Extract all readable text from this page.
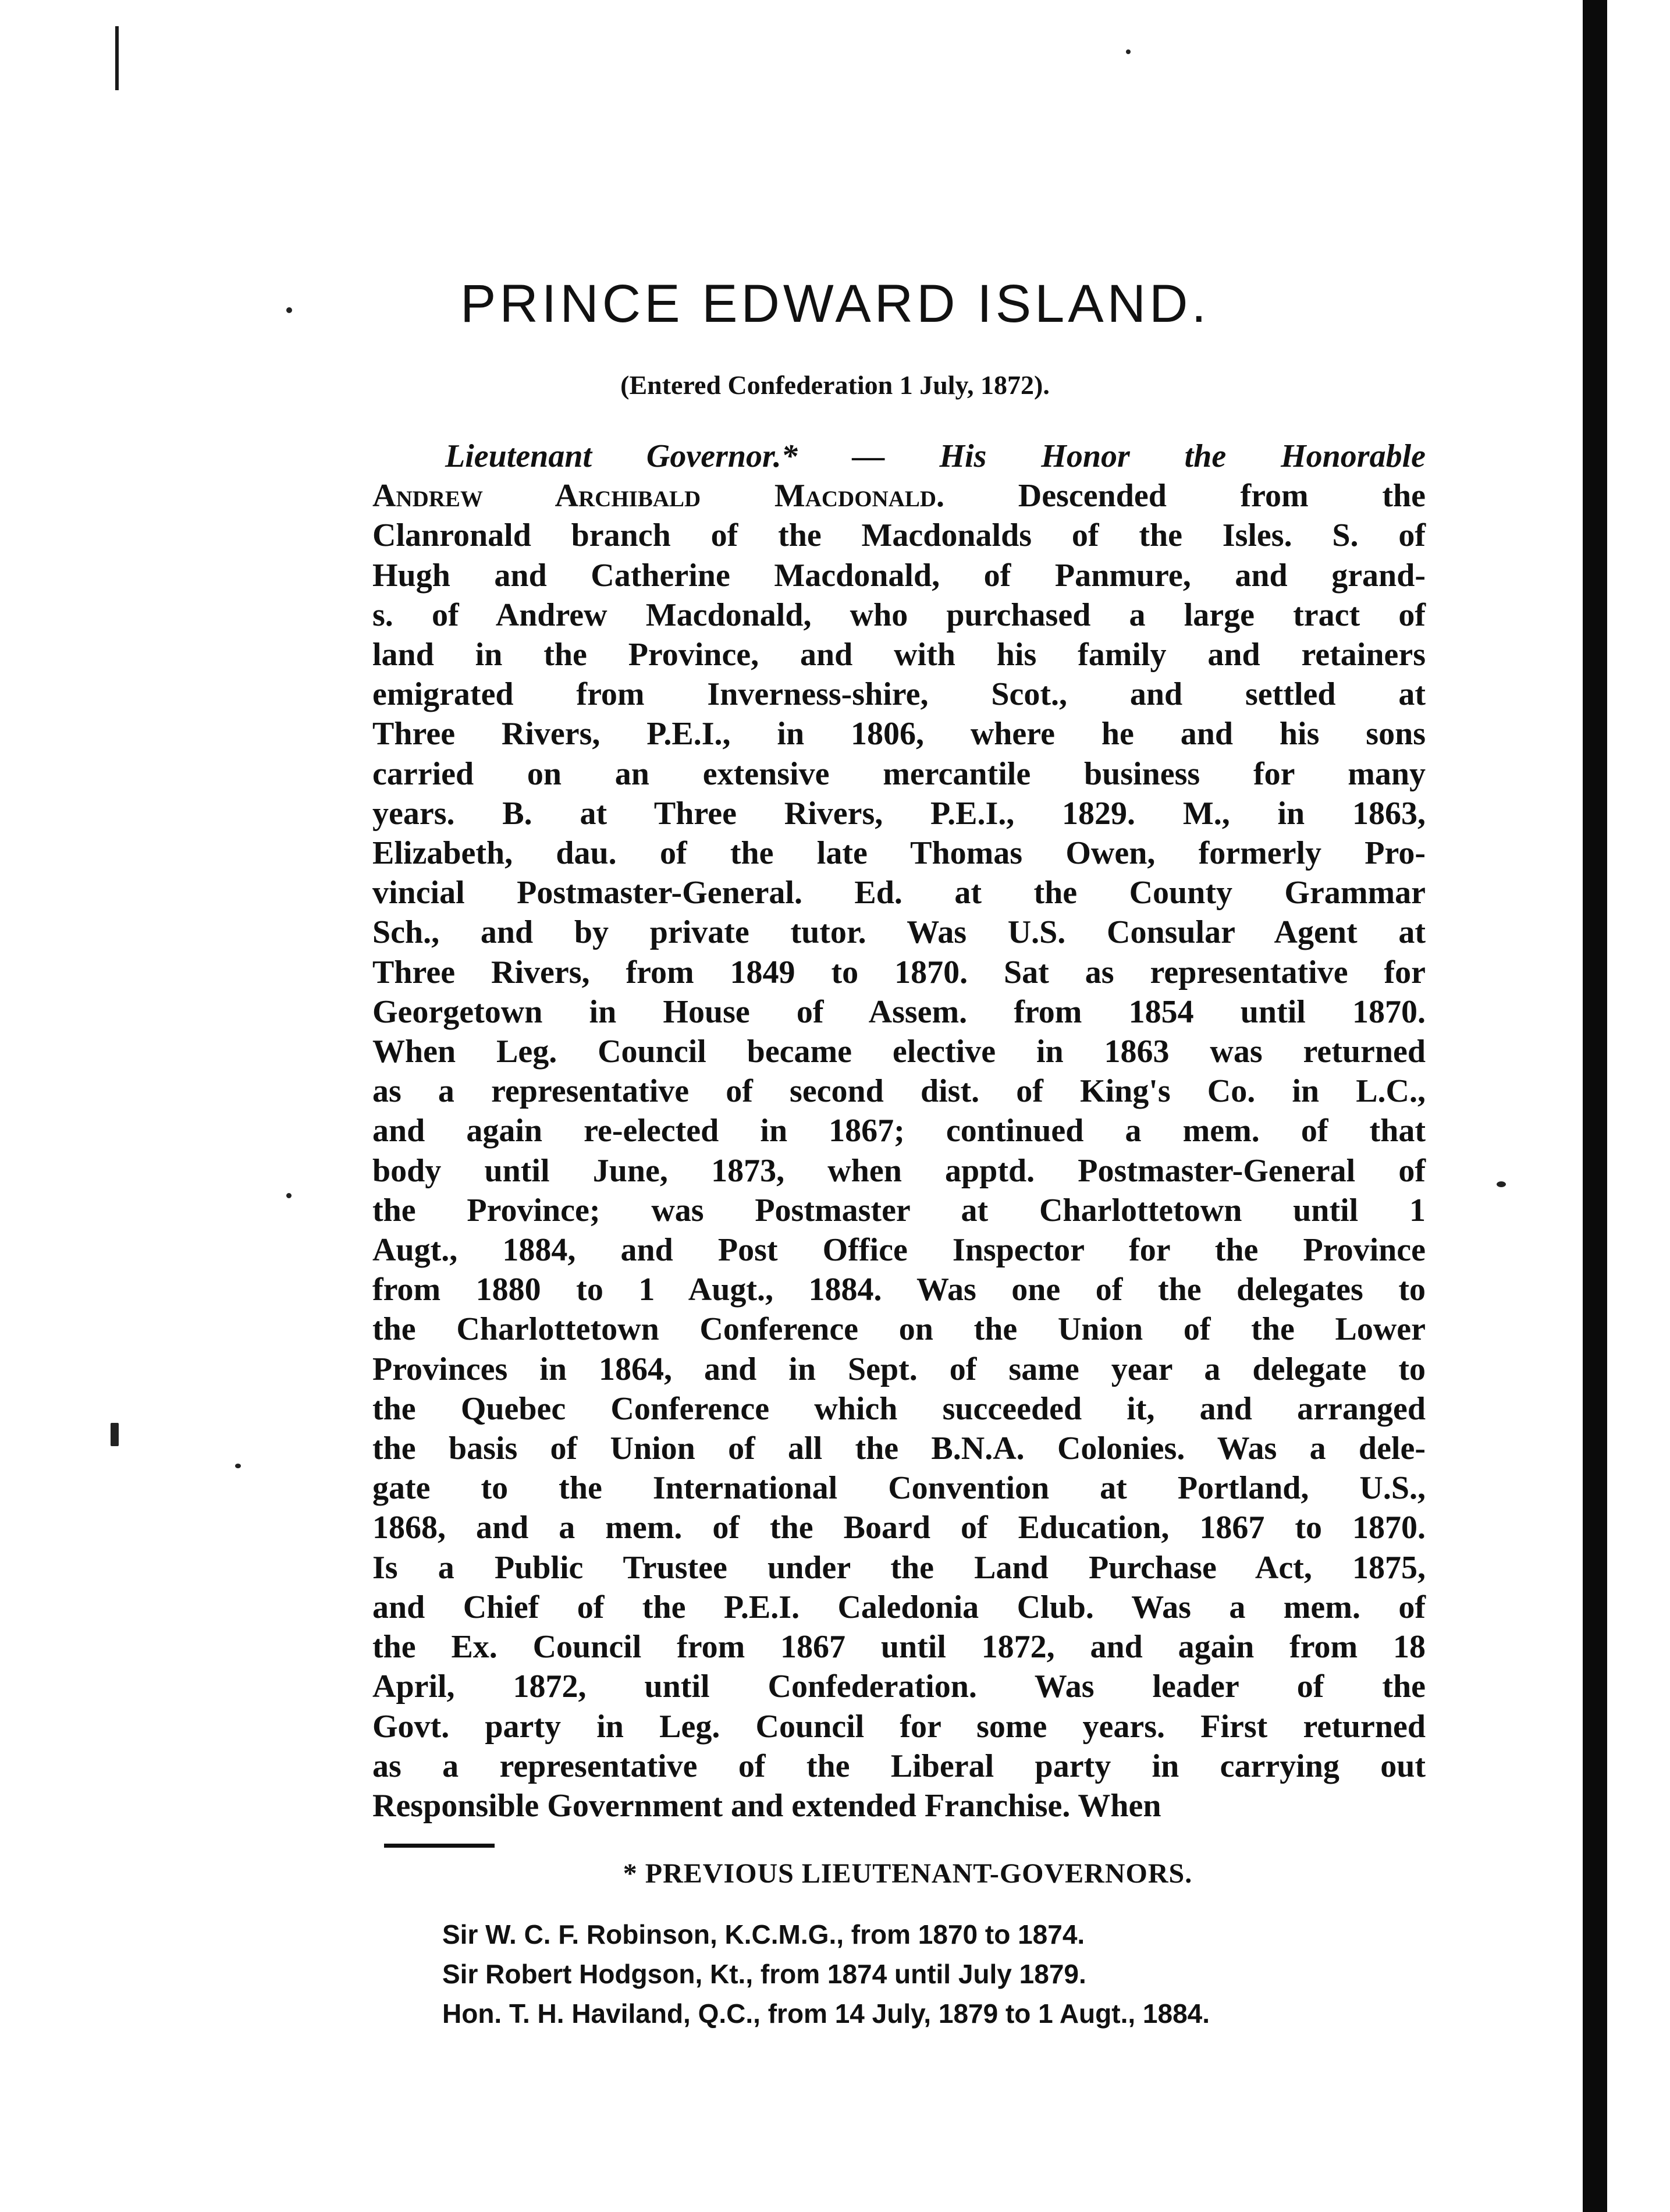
PRINCE EDWARD ISLAND.
(Entered Confederation 1 July, 1872).
Lieutenant Governor.* — His Honor the Honorable
Andrew Archibald Macdonald. Descended from the
Clanronald branch of the Macdonalds of the Isles. S. of
Hugh and Catherine Macdonald, of Panmure, and grand-
s. of Andrew Macdonald, who purchased a large tract of
land in the Province, and with his family and retainers
emigrated from Inverness-shire, Scot., and settled at
Three Rivers, P.E.I., in 1806, where he and his sons
carried on an extensive mercantile business for many
years. B. at Three Rivers, P.E.I., 1829. M., in 1863,
Elizabeth, dau. of the late Thomas Owen, formerly Pro-
vincial Postmaster-General. Ed. at the County Grammar
Sch., and by private tutor. Was U.S. Consular Agent at
Three Rivers, from 1849 to 1870. Sat as representative for
Georgetown in House of Assem. from 1854 until 1870.
When Leg. Council became elective in 1863 was returned
as a representative of second dist. of King's Co. in L.C.,
and again re-elected in 1867; continued a mem. of that
body until June, 1873, when apptd. Postmaster-General of
the Province; was Postmaster at Charlottetown until 1
Augt., 1884, and Post Office Inspector for the Province
from 1880 to 1 Augt., 1884. Was one of the delegates to
the Charlottetown Conference on the Union of the Lower
Provinces in 1864, and in Sept. of same year a delegate to
the Quebec Conference which succeeded it, and arranged
the basis of Union of all the B.N.A. Colonies. Was a dele-
gate to the International Convention at Portland, U.S.,
1868, and a mem. of the Board of Education, 1867 to 1870.
Is a Public Trustee under the Land Purchase Act, 1875,
and Chief of the P.E.I. Caledonia Club. Was a mem. of
the Ex. Council from 1867 until 1872, and again from 18
April, 1872, until Confederation. Was leader of the
Govt. party in Leg. Council for some years. First returned
as a representative of the Liberal party in carrying out
Responsible Government and extended Franchise. When
* PREVIOUS LIEUTENANT-GOVERNORS.
Sir W. C. F. Robinson, K.C.M.G., from 1870 to 1874.
Sir Robert Hodgson, Kt., from 1874 until July 1879.
Hon. T. H. Haviland, Q.C., from 14 July, 1879 to 1 Augt., 1884.
